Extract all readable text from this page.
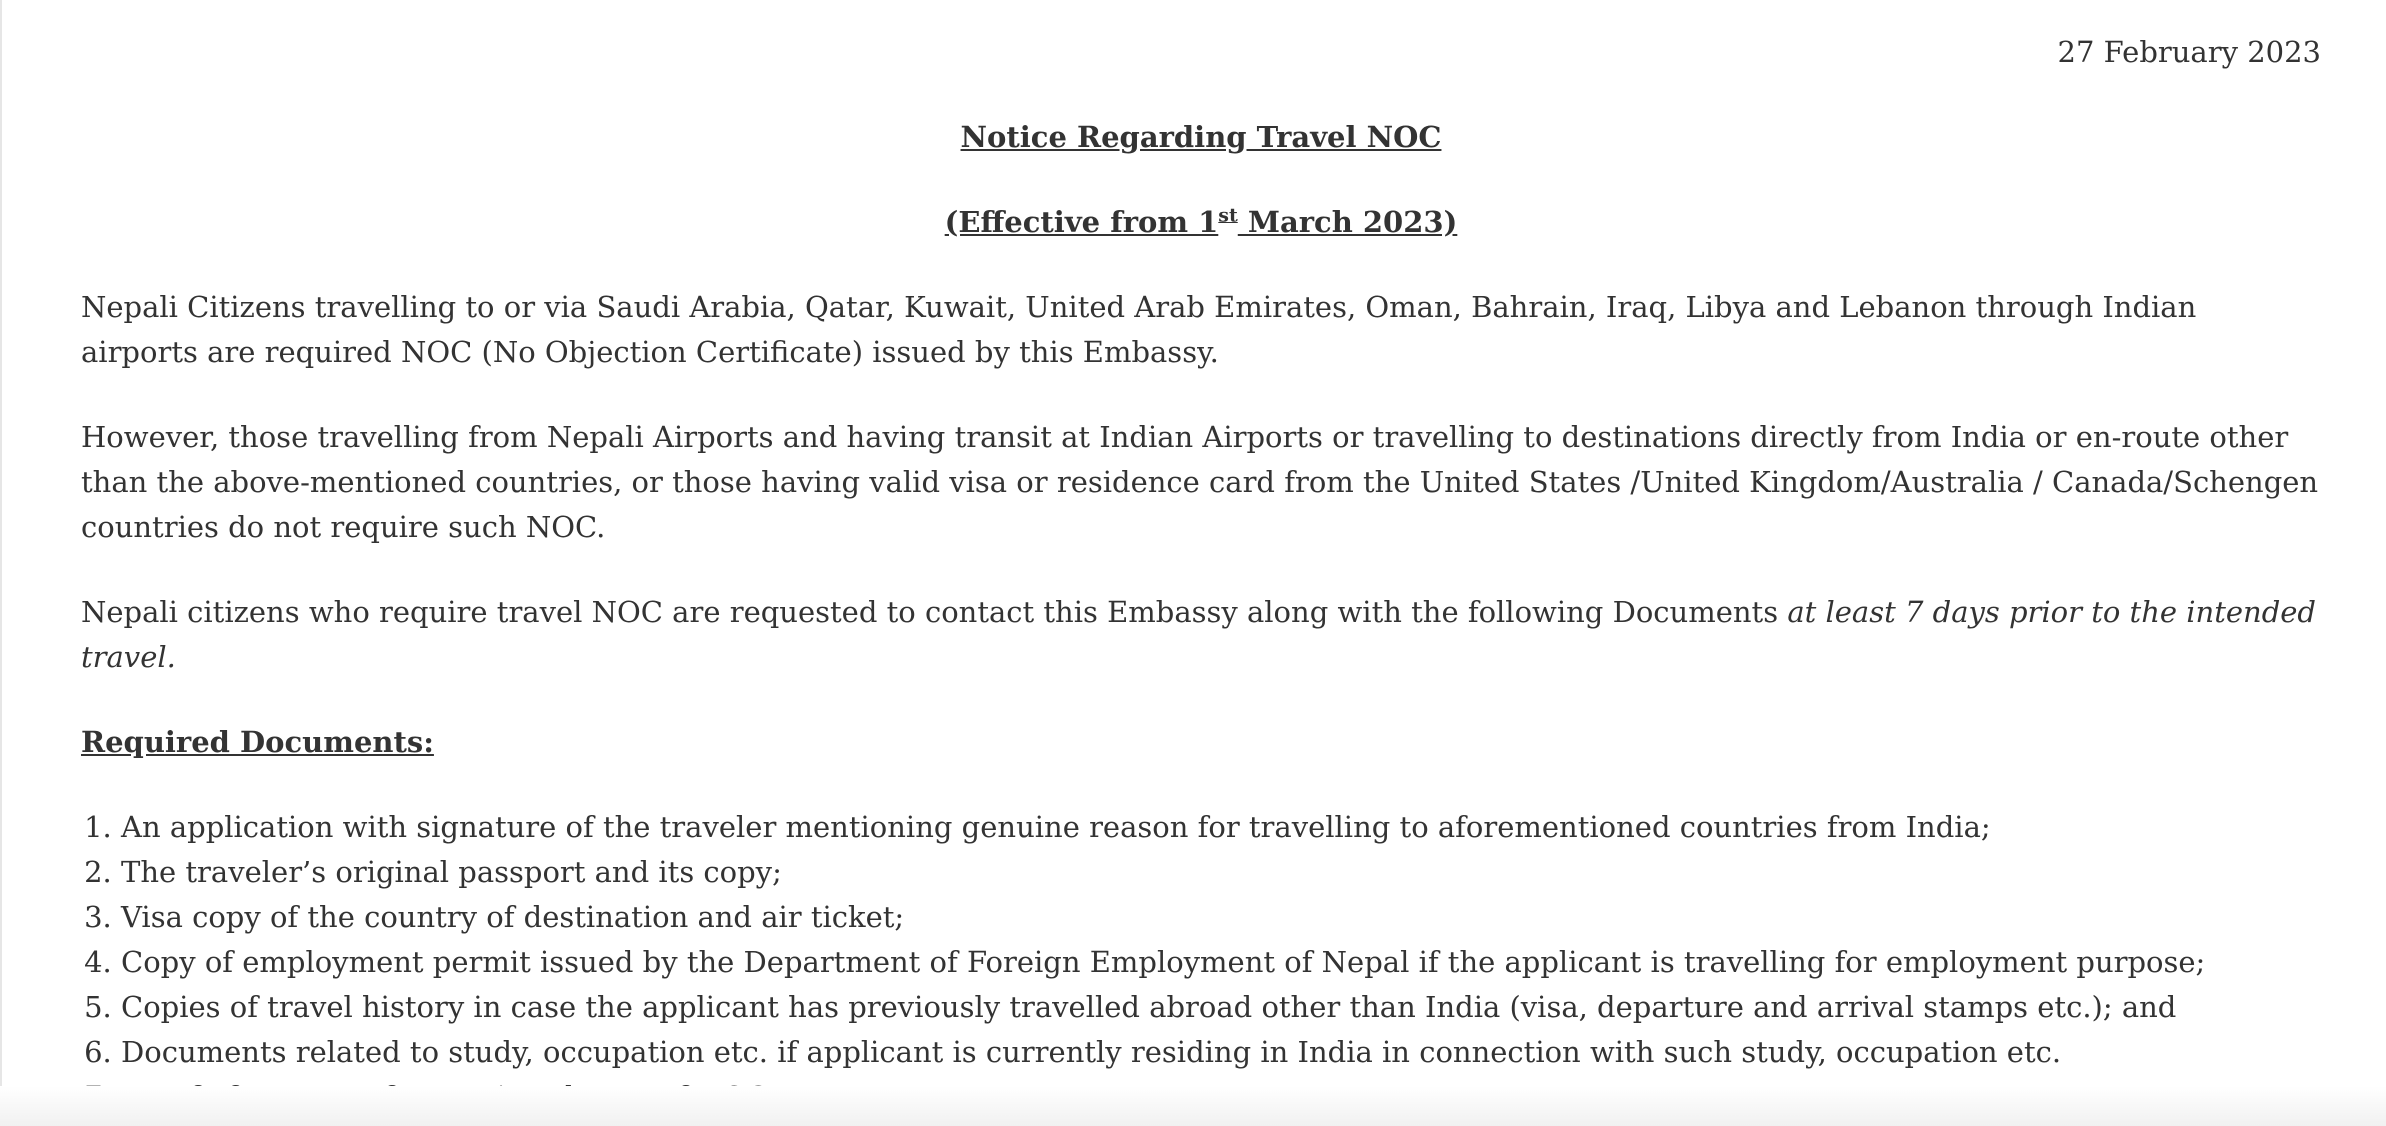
27 February 2023

Notice Regarding Travel NOC

(Effective from 1st March 2023)

Nepali Citizens travelling to or via Saudi Arabia, Qatar, Kuwait, United Arab Emirates, Oman, Bahrain, Iraq, Libya and Lebanon through Indian airports are required NOC (No Objection Certificate) issued by this Embassy.

However, those travelling from Nepali Airports and having transit at Indian Airports or travelling to destinations directly from India or en-route other than the above-mentioned countries, or those having valid visa or residence card from the United States /United Kingdom/Australia / Canada/Schengen countries do not require such NOC.

Nepali citizens who require travel NOC are requested to contact this Embassy along with the following Documents at least 7 days prior to the intended travel.

Required Documents:

1. An application with signature of the traveler mentioning genuine reason for travelling to aforementioned countries from India;
2. The traveler’s original passport and its copy;
3. Visa copy of the country of destination and air ticket;
4. Copy of employment permit issued by the Department of Foreign Employment of Nepal if the applicant is travelling for employment purpose;
5. Copies of travel history in case the applicant has previously travelled abroad other than India (visa, departure and arrival stamps etc.); and
6. Documents related to study, occupation etc. if applicant is currently residing in India in connection with such study, occupation etc.
7.
